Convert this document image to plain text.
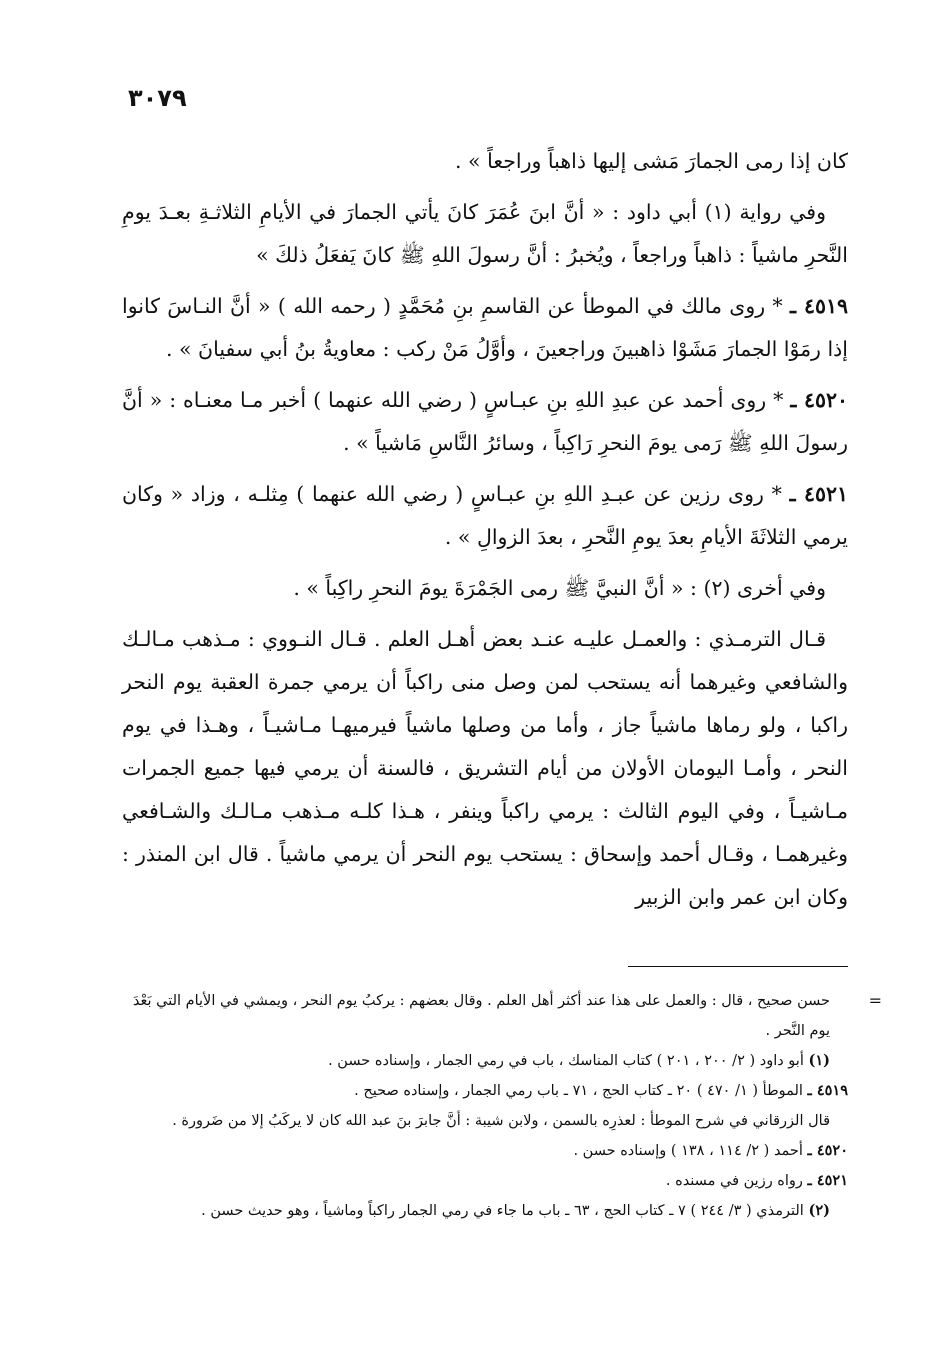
٣٠٧٩

كان إذا رمى الجمارَ مَشى إليها ذاهباً وراجعاً » .

وفي رواية (١) أبي داود : « أنَّ ابنَ عُمَرَ كانَ يأتي الجمارَ في الأيامِ الثلاثـةِ بعـدَ يومِ النَّحرِ ماشياً : ذاهباً وراجعاً ، ويُخبرُ : أنَّ رسولَ اللهِ ﷺ كانَ يَفعَلُ ذلكَ »

٤٥١٩ ـ * روى مالك في الموطأ عن القاسمِ بنِ مُحَمَّدٍ ( رحمه الله ) « أنَّ النـاسَ كانوا إذا رمَوْا الجمارَ مَشَوْا ذاهبينَ وراجعينَ ، وأوَّلُ مَنْ ركب : معاويةُ بنُ أبي سفيانَ » .

٤٥٢٠ ـ * روى أحمد عن عبدِ اللهِ بنِ عبـاسٍ ( رضي الله عنهما ) أخبر مـا معنـاه : « أنَّ رسولَ اللهِ ﷺ رَمى يومَ النحرِ رَاكِباً ، وسائرُ النَّاسِ مَاشياً » .

٤٥٢١ ـ * روى رزين عن عبـدِ اللهِ بنِ عبـاسٍ ( رضي الله عنهما ) مِثلـه ، وزاد « وكان يرمي الثلاثَةَ الأيامِ بعدَ يومِ النَّحرِ ، بعدَ الزوالِ » .

وفي أخرى (٢) : « أنَّ النبيَّ ﷺ رمى الجَمْرَةَ يومَ النحرِ راكِباً » .

قـال الترمـذي : والعمـل عليـه عنـد بعض أهـل العلم . قـال النـووي : مـذهب مـالـك والشافعي وغيرهما أنه يستحب لمن وصل منى راكباً أن يرمي جمرة العقبة يوم النحر راكبا ، ولو رماها ماشياً جاز ، وأما من وصلها ماشياً فيرميهـا مـاشيـاً ، وهـذا في يوم النحر ، وأمـا اليومان الأولان من أيام التشريق ، فالسنة أن يرمي فيها جميع الجمرات مـاشيـاً ، وفي اليوم الثالث : يرمي راكباً وينفر ، هـذا كلـه مـذهب مـالـك والشـافعي وغيرهمـا ، وقـال أحمد وإسحاق : يستحب يوم النحر أن يرمي ماشياً . قال ابن المنذر : وكان ابن عمر وابن الزبير

=
حسن صحيح ، قال : والعمل على هذا عند أكثر أهل العلم . وقال بعضهم : يركبُ يوم النحر ، ويمشي في الأيام التي بَعْدَ يوم النَّحر .
(١) أبو داود ( ٢/ ٢٠٠ ، ٢٠١ ) كتاب المناسك ، باب في رمي الجمار ، وإسناده حسن .
٤٥١٩ ـ الموطأ ( ١/ ٤٧٠ ) ٢٠ ـ كتاب الحج ، ٧١ ـ باب رمي الجمار ، وإسناده صحيح .
قال الزرقاني في شرح الموطأ : لعذرِه بالسمن ، ولابن شيبة : أنَّ جابرَ بنَ عبد الله كان لا يركَبُ إلا من ضَرورة .
٤٥٢٠ ـ أحمد ( ٢/ ١١٤ ، ١٣٨ ) وإسناده حسن .
٤٥٢١ ـ رواه رزين في مسنده .
(٢) الترمذي ( ٣/ ٢٤٤ ) ٧ ـ كتاب الحج ، ٦٣ ـ باب ما جاء في رمي الجمار راكباً وماشياً ، وهو حديث حسن .
